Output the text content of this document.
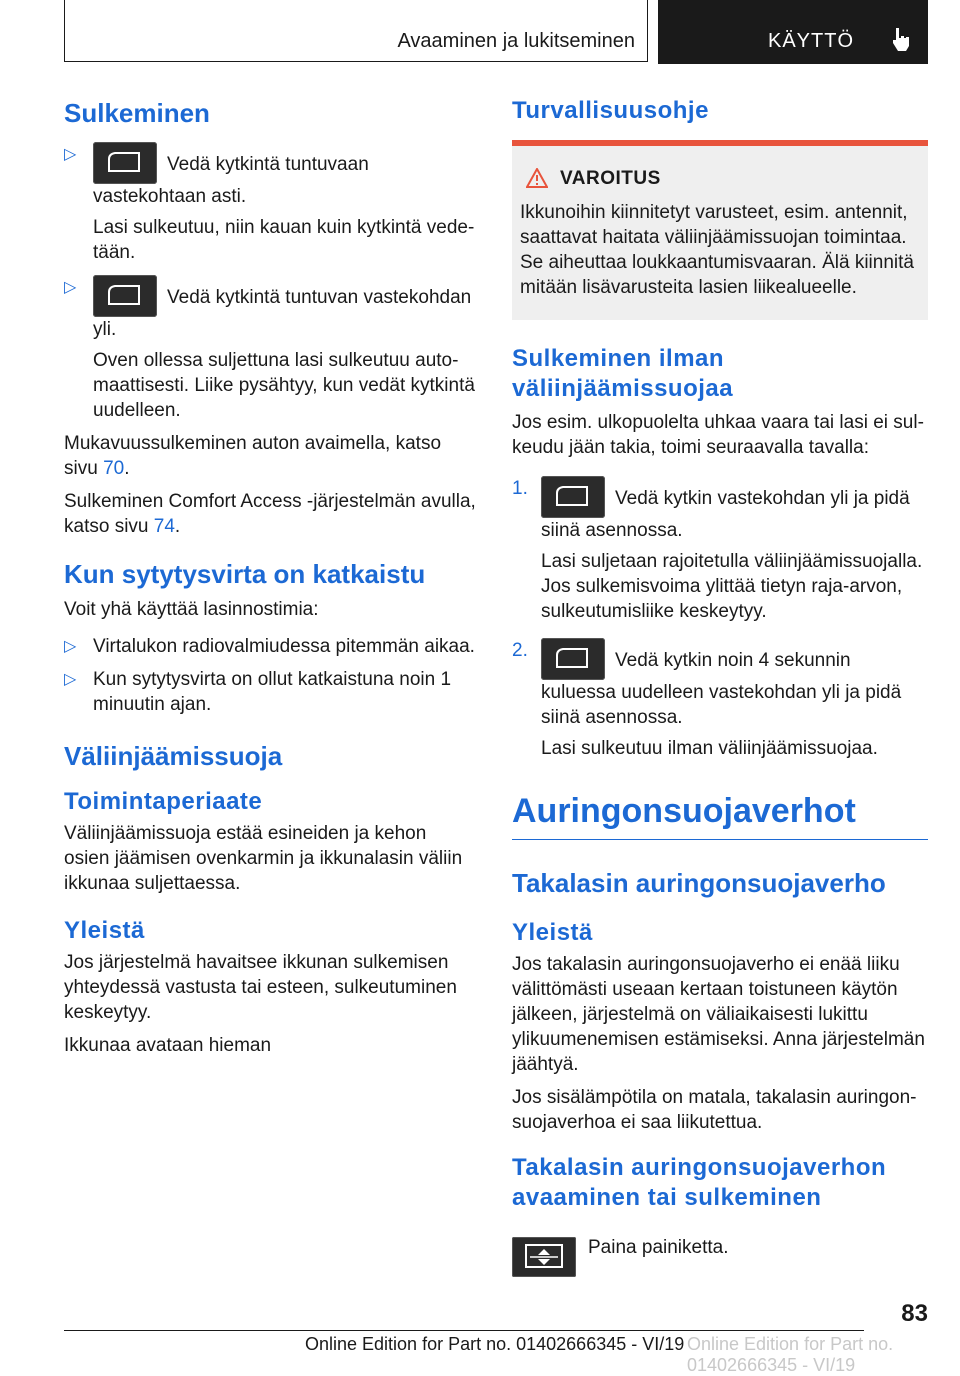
Avaaminen ja lukitseminen	KÄYTTÖ
Sulkeminen
▷	Vedä kytkintä tuntuvaan vastekohtaan asti.

Lasi sulkeutuu, niin kauan kuin kytkintä vedetään.

▷	Vedä kytkintä tuntuvan vastekohdan yli.

Oven ollessa suljettuna lasi sulkeutuu automaattisesti. Liike pysähtyy, kun vedät kytkintä uudelleen.

Mukavuussulkeminen auton avaimella, katso sivu 70.

Sulkeminen Comfort Access -järjestelmän avulla, katso sivu 74.

Kun sytytysvirta on katkaistu

Voit yhä käyttää lasinnostimia:

▷ Virtalukon radiovalmiudessa pitemmän aikaa.

▷ Kun sytytysvirta on ollut katkaistuna noin 1 minuutin ajan.

Väliinjäämissuoja
Toimintaperiaate

Väliinjäämissuoja estää esineiden ja kehon osien jäämisen ovenkarmin ja ikkunalasin väliin ikkunaa suljettaessa.

Yleistä

Jos järjestelmä havaitsee ikkunan sulkemisen yhteydessä vastusta tai esteen, sulkeutuminen keskeytyy.

Ikkunaa avataan hieman

Turvallisuusohje
VAROITUS

Ikkunoihin kiinnitetyt varusteet, esim. antennit, saattavat haitata väliinjäämissuojan toimintaa. Se aiheuttaa loukkaantumisvaaran. Älä kiinnitä mitään lisävarusteita lasien liikealueelle.

Sulkeminen ilman väliinjäämissuojaa

Jos esim. ulkopuolelta uhkaa vaara tai lasi ei sulkeudu jään takia, toimi seuraavalla tavalla:

1.	Vedä kytkin vastekohdan yli ja pidä siinä asennossa.

Lasi suljetaan rajoitetulla väliinjäämissuojalla. Jos sulkemisvoima ylittää tietyn raja-arvon, sulkeutumisliike keskeytyy.

2.	Vedä kytkin noin 4 sekunnin kuluessa uudelleen vastekohdan yli ja pidä siinä asennossa.

Lasi sulkeutuu ilman väliinjäämissuojaa.

Auringonsuojaverhot
Takalasin auringonsuojaverho
Yleistä

Jos takalasin auringonsuojaverho ei enää liiku välittömästi useaan kertaan toistuneen käytön jälkeen, järjestelmä on väliaikaisesti lukittu ylikuumenemisen estämiseksi. Anna järjestelmän jäähtyä.

Jos sisälämpötila on matala, takalasin auringonsuojaverhoa ei saa liikutettua.

Takalasin auringonsuojaverhon avaaminen tai sulkeminen
Paina painiketta.
83
Online Edition for Part no. 01402666345 - VI/19 Online Edition for Part no. 01402666345 - VI/19
